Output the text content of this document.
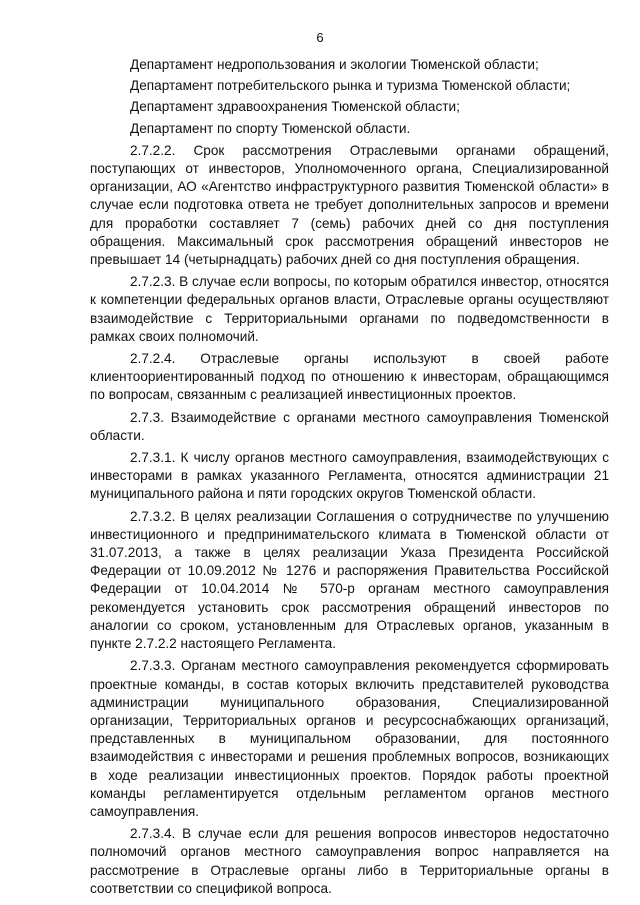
6
Департамент недропользования и экологии Тюменской области;
Департамент потребительского рынка и туризма Тюменской области;
Департамент здравоохранения Тюменской области;
Департамент по спорту Тюменской области.

2.7.2.2. Срок рассмотрения Отраслевыми органами обращений, поступающих от инвесторов, Уполномоченного органа, Специализированной организации, АО «Агентство инфраструктурного развития Тюменской области» в случае если подготовка ответа не требует дополнительных запросов и времени для проработки составляет 7 (семь) рабочих дней со дня поступления обращения. Максимальный срок рассмотрения обращений инвесторов не превышает 14 (четырнадцать) рабочих дней со дня поступления обращения.

2.7.2.3. В случае если вопросы, по которым обратился инвестор, относятся к компетенции федеральных органов власти, Отраслевые органы осуществляют взаимодействие с Территориальными органами по подведомственности в рамках своих полномочий.

2.7.2.4. Отраслевые органы используют в своей работе клиентоориентированный подход по отношению к инвесторам, обращающимся по вопросам, связанным с реализацией инвестиционных проектов.

2.7.3. Взаимодействие с органами местного самоуправления Тюменской области.

2.7.3.1. К числу органов местного самоуправления, взаимодействующих с инвесторами в рамках указанного Регламента, относятся администрации 21 муниципального района и пяти городских округов Тюменской области.

2.7.3.2. В целях реализации Соглашения о сотрудничестве по улучшению инвестиционного и предпринимательского климата в Тюменской области от 31.07.2013, а также в целях реализации Указа Президента Российской Федерации от 10.09.2012 № 1276 и распоряжения Правительства Российской Федерации от 10.04.2014 № 570-р органам местного самоуправления рекомендуется установить срок рассмотрения обращений инвесторов по аналогии со сроком, установленным для Отраслевых органов, указанным в пункте 2.7.2.2 настоящего Регламента.

2.7.3.3. Органам местного самоуправления рекомендуется сформировать проектные команды, в состав которых включить представителей руководства администрации муниципального образования, Специализированной организации, Территориальных органов и ресурсоснабжающих организаций, представленных в муниципальном образовании, для постоянного взаимодействия с инвесторами и решения проблемных вопросов, возникающих в ходе реализации инвестиционных проектов. Порядок работы проектной команды регламентируется отдельным регламентом органов местного самоуправления.

2.7.3.4. В случае если для решения вопросов инвесторов недостаточно полномочий органов местного самоуправления вопрос направляется на рассмотрение в Отраслевые органы либо в Территориальные органы в соответствии со спецификой вопроса.
